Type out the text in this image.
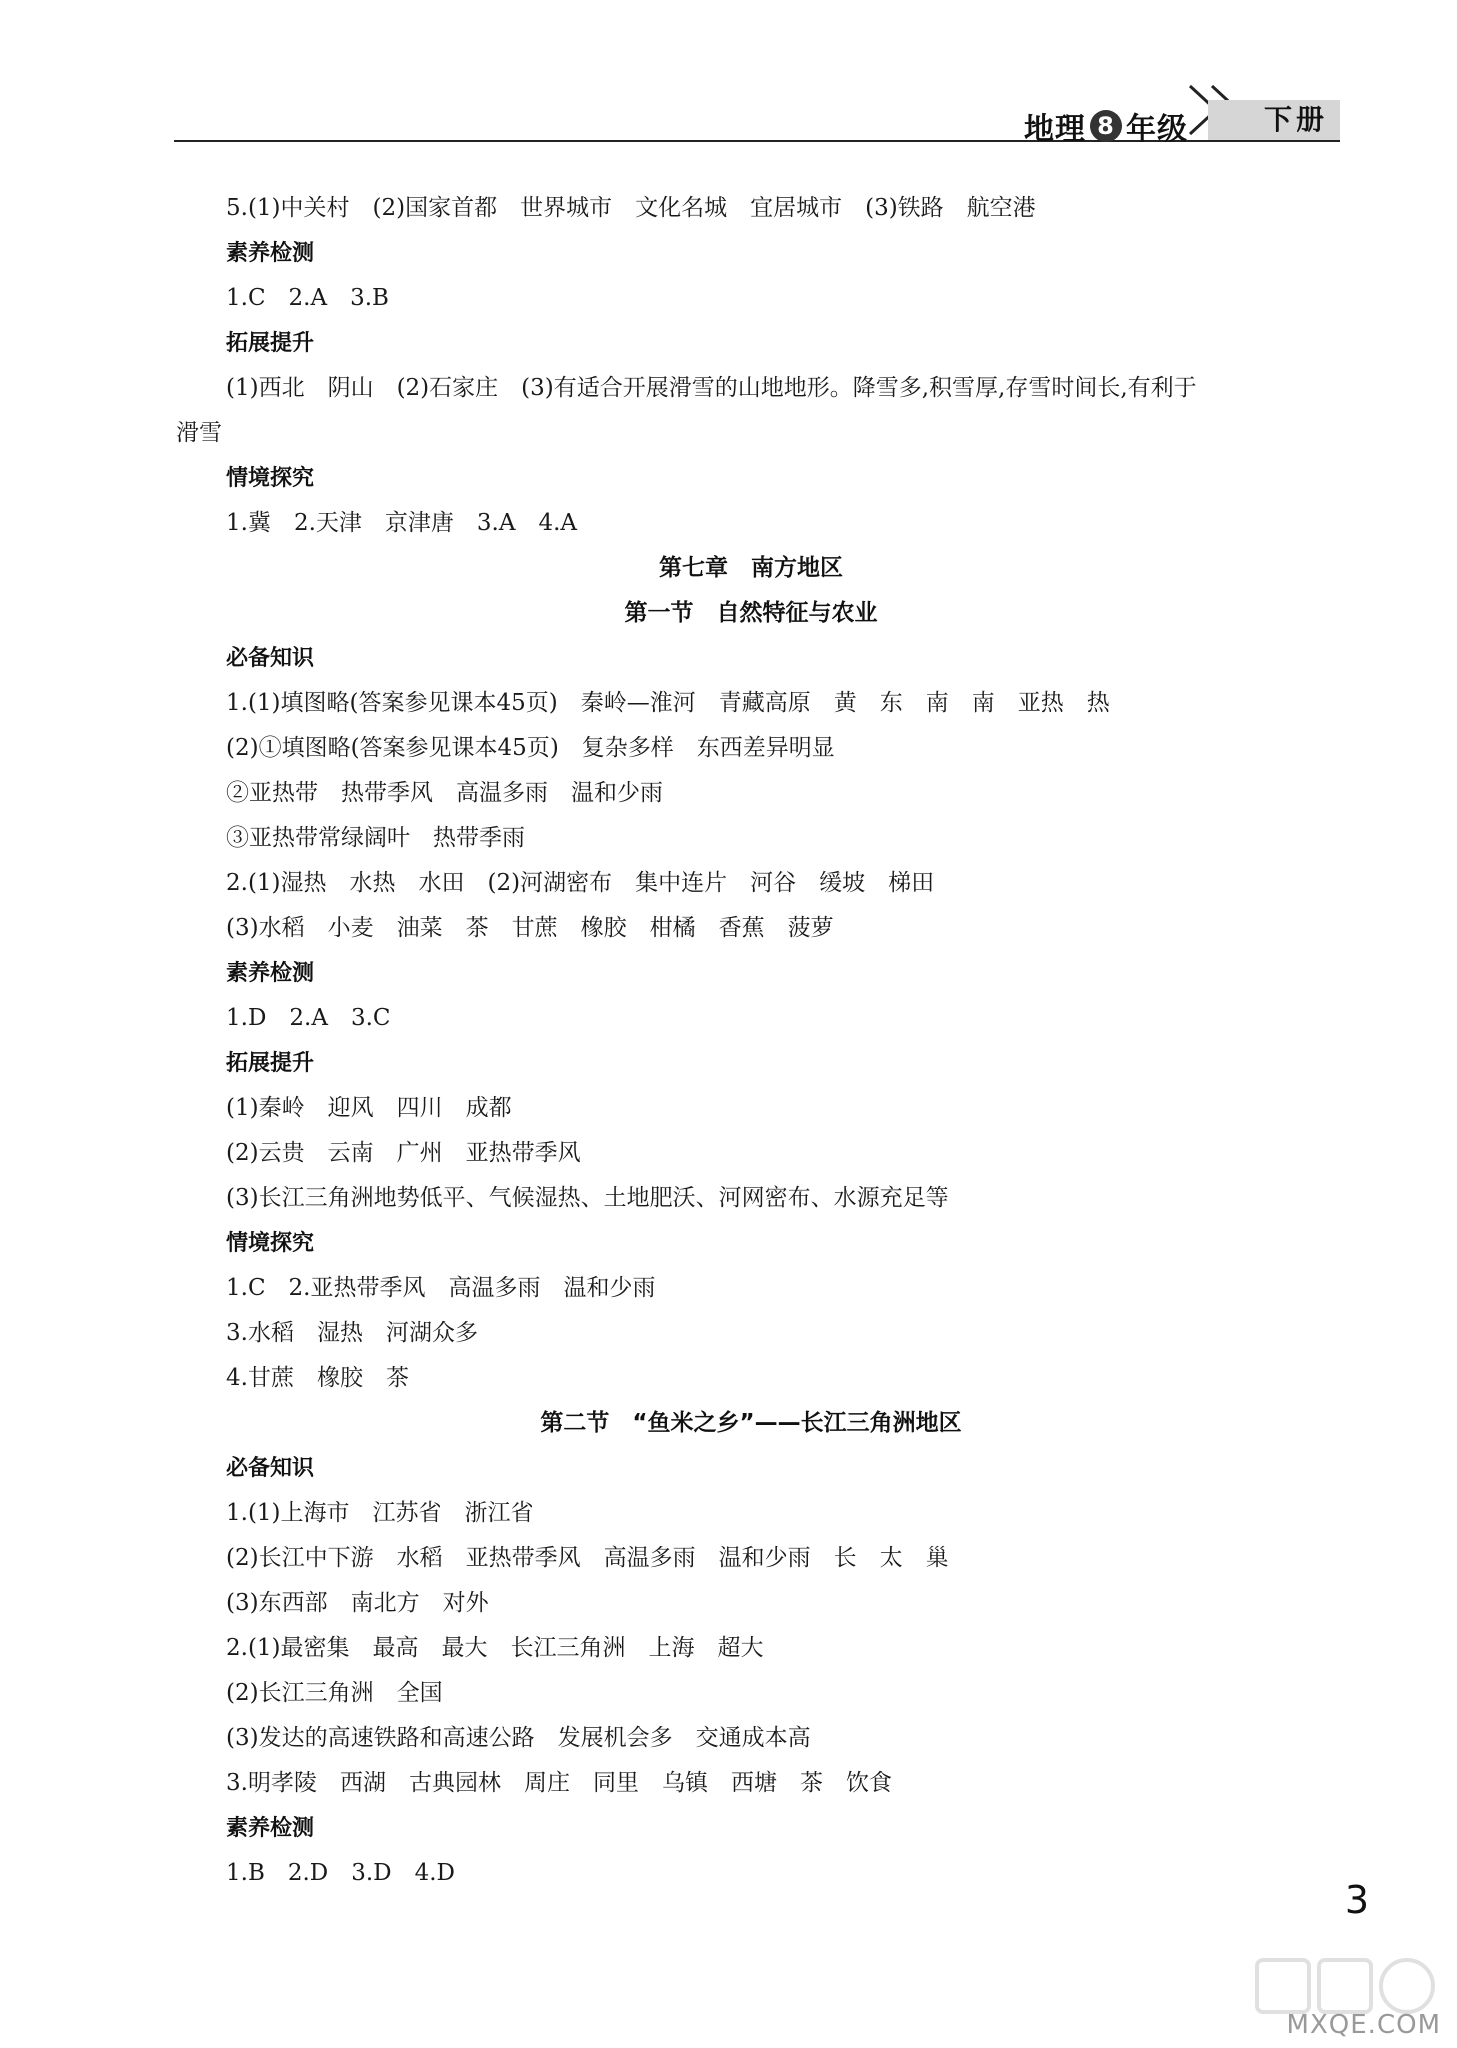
地理 8 年级	下册
5.(1)中关村　(2)国家首都　世界城市　文化名城　宜居城市　(3)铁路　航空港
素养检测
1.C　2.A　3.B
拓展提升
(1)西北　阴山　(2)石家庄　(3)有适合开展滑雪的山地地形。降雪多,积雪厚,存雪时间长,有利于
滑雪
情境探究
1.冀　2.天津　京津唐　3.A　4.A
第七章　南方地区
第一节　自然特征与农业
必备知识
1.(1)填图略(答案参见课本45页)　秦岭—淮河　青藏高原　黄　东　南　南　亚热　热
(2)①填图略(答案参见课本45页)　复杂多样　东西差异明显
②亚热带　热带季风　高温多雨　温和少雨
③亚热带常绿阔叶　热带季雨
2.(1)湿热　水热　水田　(2)河湖密布　集中连片　河谷　缓坡　梯田
(3)水稻　小麦　油菜　茶　甘蔗　橡胶　柑橘　香蕉　菠萝
素养检测
1.D　2.A　3.C
拓展提升
(1)秦岭　迎风　四川　成都
(2)云贵　云南　广州　亚热带季风
(3)长江三角洲地势低平、气候湿热、土地肥沃、河网密布、水源充足等
情境探究
1.C　2.亚热带季风　高温多雨　温和少雨
3.水稻　湿热　河湖众多
4.甘蔗　橡胶　茶
第二节　“鱼米之乡”——长江三角洲地区
必备知识
1.(1)上海市　江苏省　浙江省
(2)长江中下游　水稻　亚热带季风　高温多雨　温和少雨　长　太　巢
(3)东西部　南北方　对外
2.(1)最密集　最高　最大　长江三角洲　上海　超大
(2)长江三角洲　全国
(3)发达的高速铁路和高速公路　发展机会多　交通成本高
3.明孝陵　西湖　古典园林　周庄　同里　乌镇　西塘　茶　饮食
素养检测
1.B　2.D　3.D　4.D
3
MXQE.COM
